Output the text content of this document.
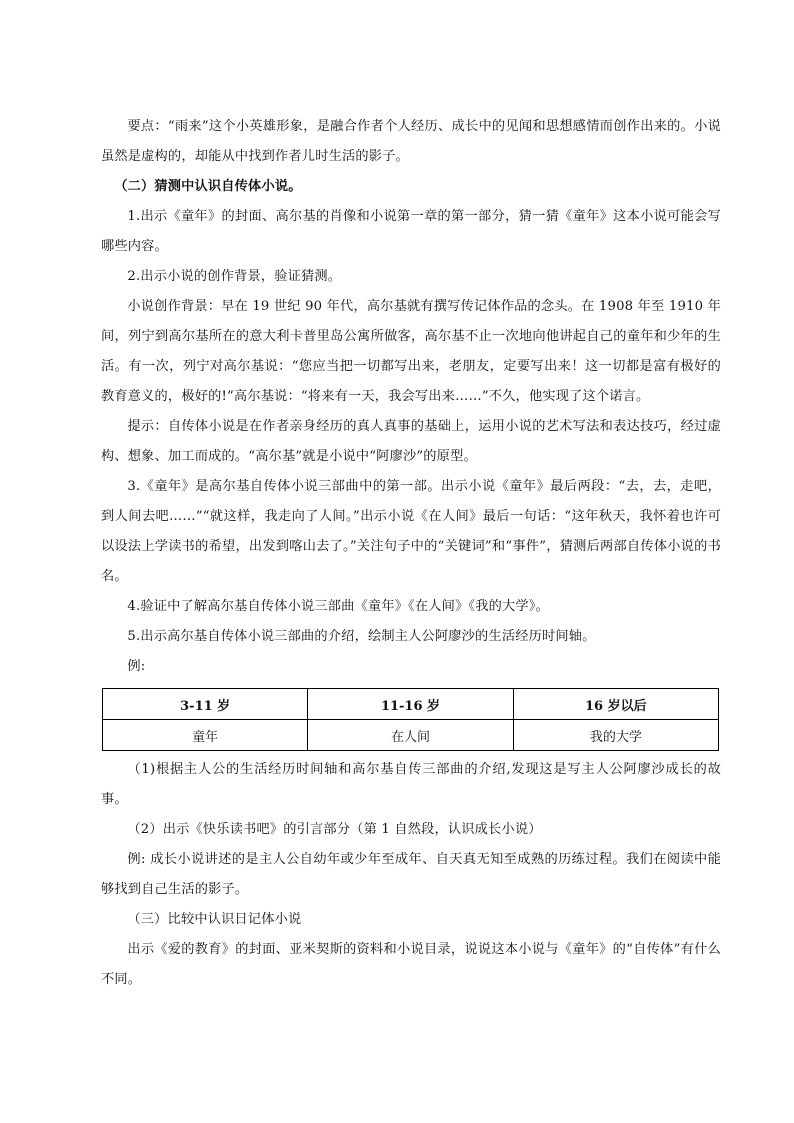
要点：“雨来”这个小英雄形象，是融合作者个人经历、成长中的见闻和思想感情而创作出来的。小说虽然是虚构的，却能从中找到作者儿时生活的影子。

（二）猜测中认识自传体小说。

1.出示《童年》的封面、高尔基的肖像和小说第一章的第一部分，猜一猜《童年》这本小说可能会写哪些内容。

2.出示小说的创作背景，验证猜测。

小说创作背景：早在 19 世纪 90 年代，高尔基就有撰写传记体作品的念头。在 1908 年至 1910 年间，列宁到高尔基所在的意大利卡普里岛公寓所做客，高尔基不止一次地向他讲起自己的童年和少年的生活。有一次，列宁对高尔基说：“您应当把一切都写出来，老朋友，定要写出来！这一切都是富有极好的教育意义的，极好的!”高尔基说：“将来有一天，我会写出来……”不久，他实现了这个诺言。

提示：自传体小说是在作者亲身经历的真人真事的基础上，运用小说的艺术写法和表达技巧，经过虚构、想象、加工而成的。“高尔基”就是小说中“阿廖沙”的原型。

3.《童年》是高尔基自传体小说三部曲中的第一部。出示小说《童年》最后两段：“去，去，走吧，到人间去吧……”“就这样，我走向了人间。”出示小说《在人间》最后一句话：“这年秋天，我怀着也许可以设法上学读书的希望，出发到喀山去了。”关注句子中的“关键词”和“事件”，猜测后两部自传体小说的书名。

4.验证中了解高尔基自传体小说三部曲《童年》《在人间》《我的大学》。

5.出示高尔基自传体小说三部曲的介绍，绘制主人公阿廖沙的生活经历时间轴。

例:

3-11 岁	11-16 岁	16 岁以后
童年	在人间	我的大学

（1)根据主人公的生活经历时间轴和高尔基自传三部曲的介绍,发现这是写主人公阿廖沙成长的故事。

（2）出示《快乐读书吧》的引言部分（第 1 自然段，认识成长小说）

例: 成长小说讲述的是主人公自幼年或少年至成年、自天真无知至成熟的历练过程。我们在阅读中能够找到自己生活的影子。

（三）比较中认识日记体小说

出示《爱的教育》的封面、亚米契斯的资料和小说目录，说说这本小说与《童年》的“自传体”有什么不同。
